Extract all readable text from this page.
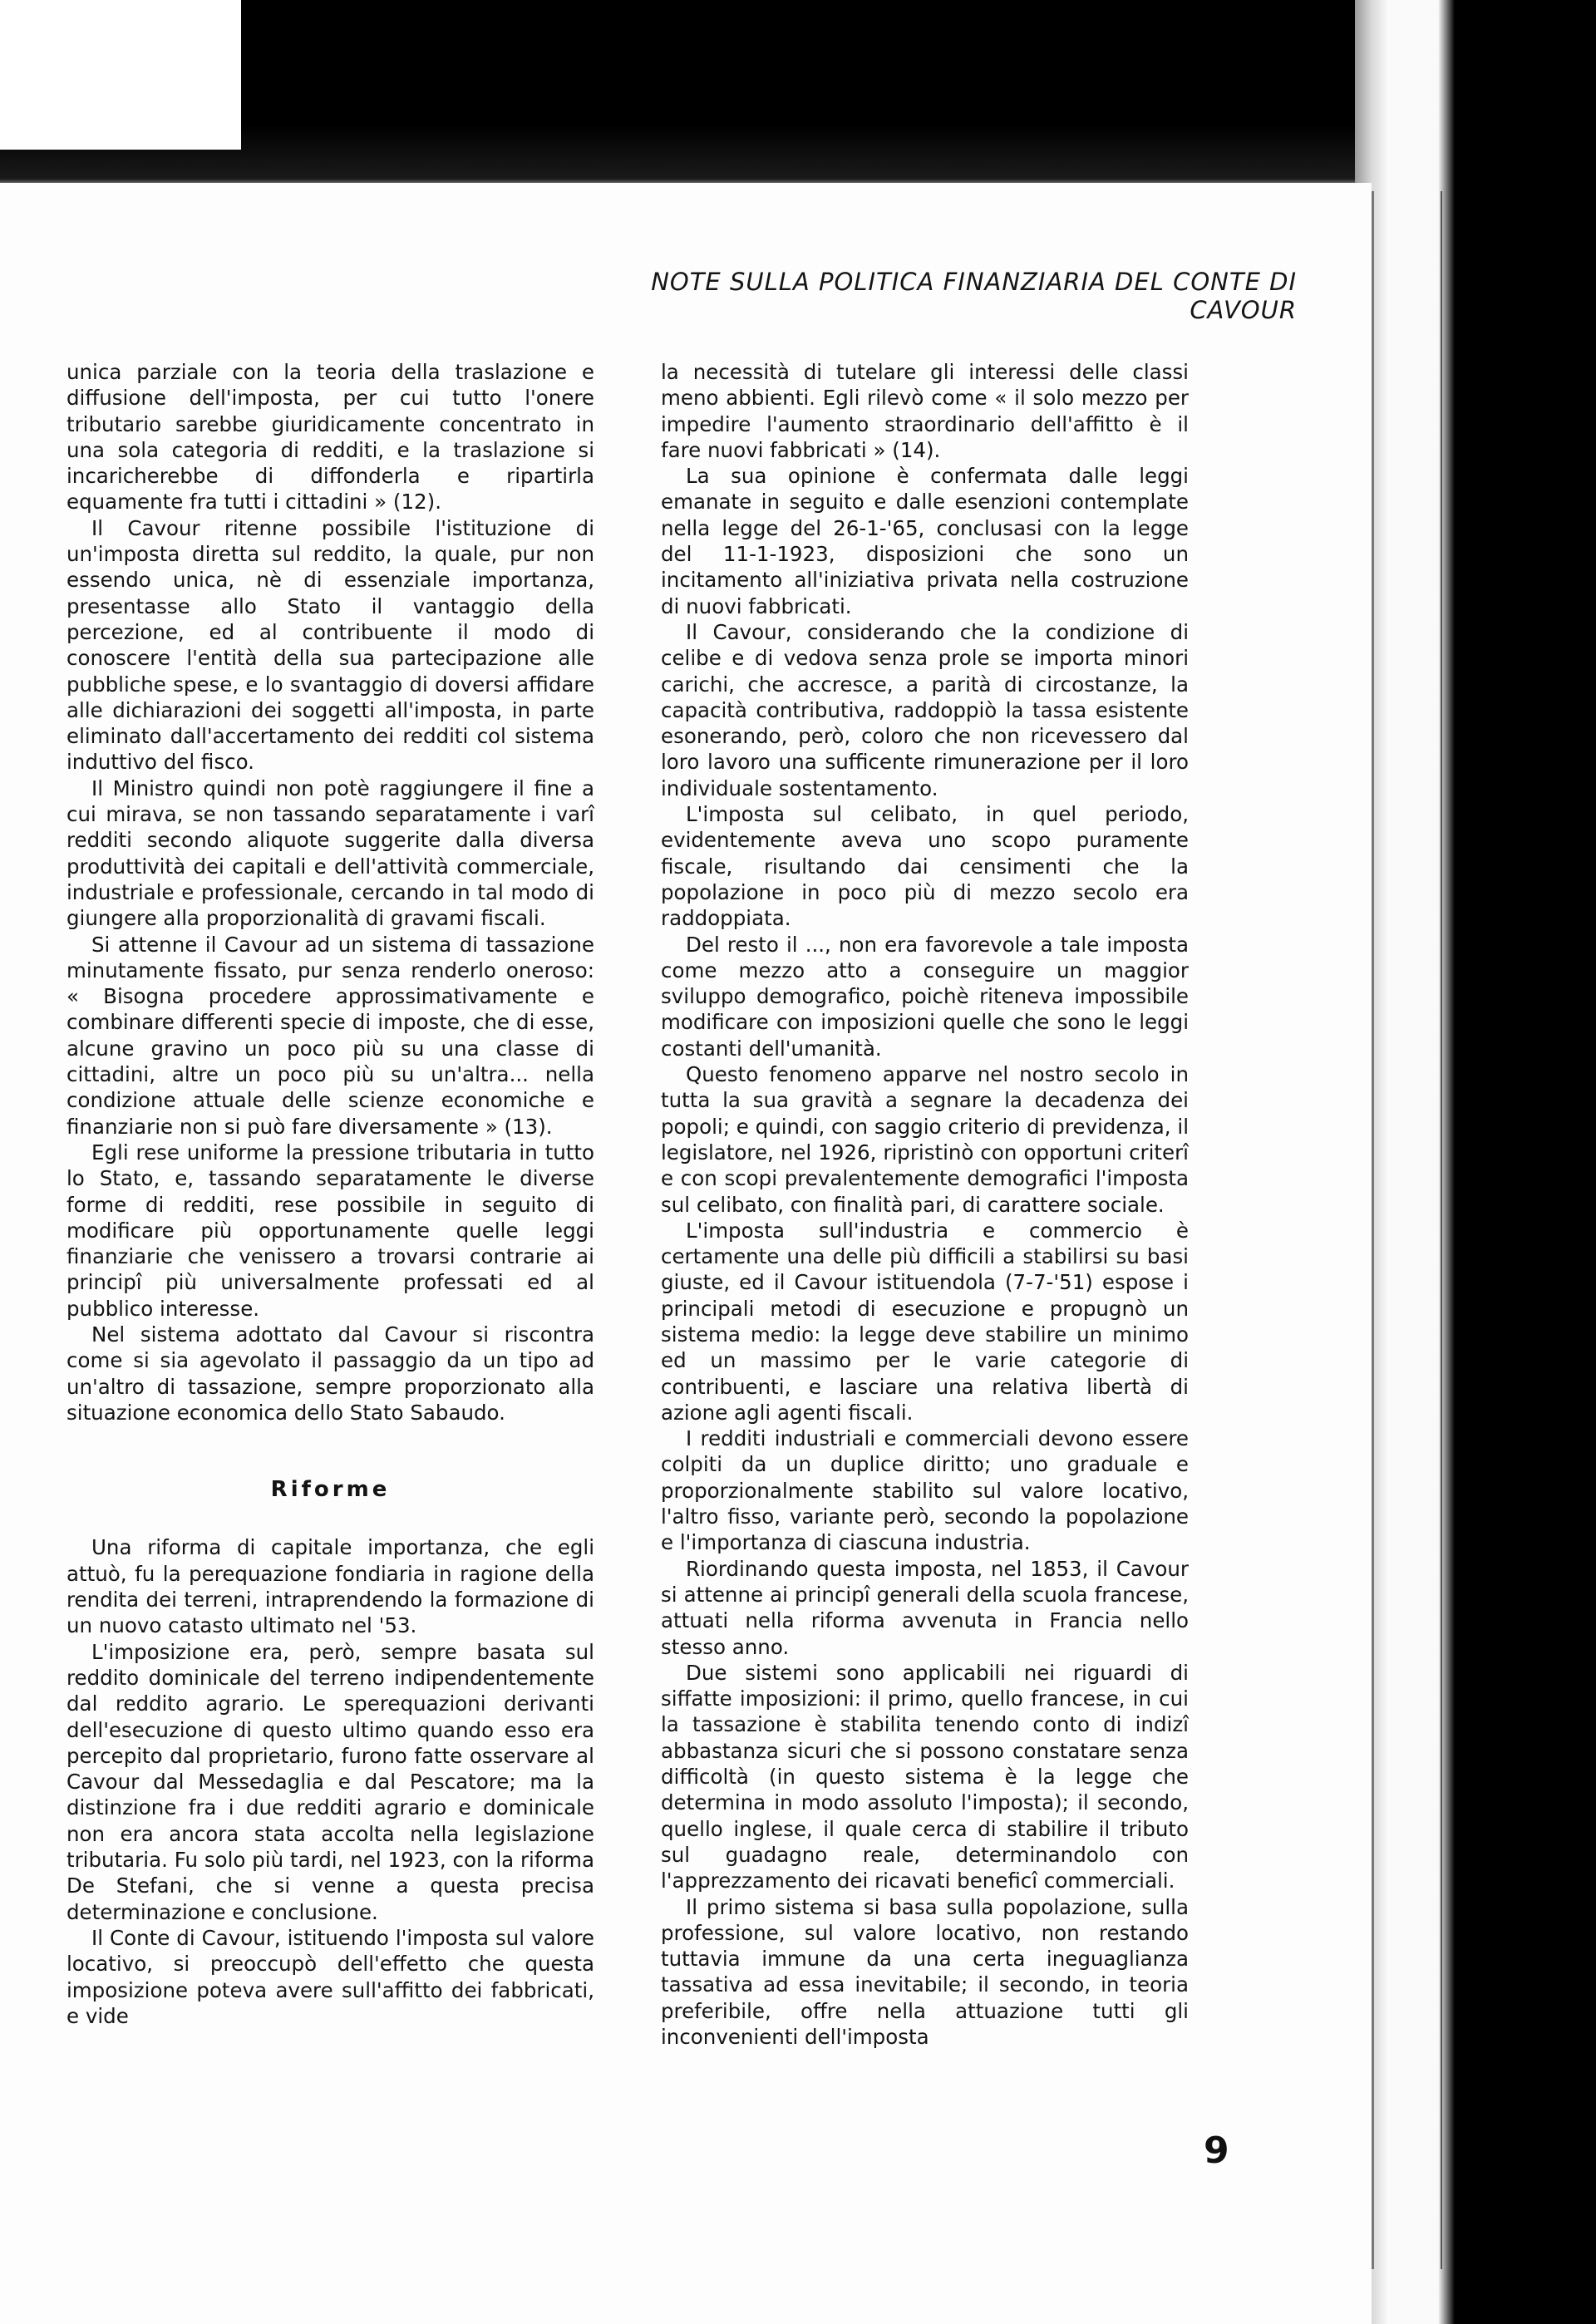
NOTE SULLA POLITICA FINANZIARIA DEL CONTE DI CAVOUR

unica parziale con la teoria della traslazione e diffusione dell'imposta, per cui tutto l'onere tributario sarebbe giuridicamente concentrato in una sola categoria di redditi, e la traslazione si incaricherebbe di diffonderla e ripartirla equamente fra tutti i cittadini » (12).

Il Cavour ritenne possibile l'istituzione di un'imposta diretta sul reddito, la quale, pur non essendo unica, nè di essenziale importanza, presentasse allo Stato il vantaggio della percezione, ed al contribuente il modo di conoscere l'entità della sua partecipazione alle pubbliche spese, e lo svantaggio di doversi affidare alle dichiarazioni dei soggetti all'imposta, in parte eliminato dall'accertamento dei redditi col sistema induttivo del fisco.

Il Ministro quindi non potè raggiungere il fine a cui mirava, se non tassando separatamente i varî redditi secondo aliquote suggerite dalla diversa produttività dei capitali e dell'attività commerciale, industriale e professionale, cercando in tal modo di giungere alla proporzionalità di gravami fiscali.

Si attenne il Cavour ad un sistema di tassazione minutamente fissato, pur senza renderlo oneroso: « Bisogna procedere approssimativamente e combinare differenti specie di imposte, che di esse, alcune gravino un poco più su una classe di cittadini, altre un poco più su un'altra... nella condizione attuale delle scienze economiche e finanziarie non si può fare diversamente » (13).

Egli rese uniforme la pressione tributaria in tutto lo Stato, e, tassando separatamente le diverse forme di redditi, rese possibile in seguito di modificare più opportunamente quelle leggi finanziarie che venissero a trovarsi contrarie ai principî più universalmente professati ed al pubblico interesse.

Nel sistema adottato dal Cavour si riscontra come si sia agevolato il passaggio da un tipo ad un'altro di tassazione, sempre proporzionato alla situazione economica dello Stato Sabaudo.

Riforme

Una riforma di capitale importanza, che egli attuò, fu la perequazione fondiaria in ragione della rendita dei terreni, intraprendendo la formazione di un nuovo catasto ultimato nel '53.

L'imposizione era, però, sempre basata sul reddito dominicale del terreno indipendentemente dal reddito agrario. Le sperequazioni derivanti dell'esecuzione di questo ultimo quando esso era percepito dal proprietario, furono fatte osservare al Cavour dal Messedaglia e dal Pescatore; ma la distinzione fra i due redditi agrario e dominicale non era ancora stata accolta nella legislazione tributaria. Fu solo più tardi, nel 1923, con la riforma De Stefani, che si venne a questa precisa determinazione e conclusione.

Il Conte di Cavour, istituendo l'imposta sul valore locativo, si preoccupò dell'effetto che questa imposizione poteva avere sull'affitto dei fabbricati, e vide

la necessità di tutelare gli interessi delle classi meno abbienti. Egli rilevò come « il solo mezzo per impedire l'aumento straordinario dell'affitto è il fare nuovi fabbricati » (14).

La sua opinione è confermata dalle leggi emanate in seguito e dalle esenzioni contemplate nella legge del 26-1-'65, conclusasi con la legge del 11-1-1923, disposizioni che sono un incitamento all'iniziativa privata nella costruzione di nuovi fabbricati.

Il Cavour, considerando che la condizione di celibe e di vedova senza prole se importa minori carichi, che accresce, a parità di circostanze, la capacità contributiva, raddoppiò la tassa esistente esonerando, però, coloro che non ricevessero dal loro lavoro una sufficente rimunerazione per il loro individuale sostentamento.

L'imposta sul celibato, in quel periodo, evidentemente aveva uno scopo puramente fiscale, risultando dai censimenti che la popolazione in poco più di mezzo secolo era raddoppiata.

Del resto il ..., non era favorevole a tale imposta come mezzo atto a conseguire un maggior sviluppo demografico, poichè riteneva impossibile modificare con imposizioni quelle che sono le leggi costanti dell'umanità.

Questo fenomeno apparve nel nostro secolo in tutta la sua gravità a segnare la decadenza dei popoli; e quindi, con saggio criterio di previdenza, il legislatore, nel 1926, ripristinò con opportuni criterî e con scopi prevalentemente demografici l'imposta sul celibato, con finalità pari, di carattere sociale.

L'imposta sull'industria e commercio è certamente una delle più difficili a stabilirsi su basi giuste, ed il Cavour istituendola (7-7-'51) espose i principali metodi di esecuzione e propugnò un sistema medio: la legge deve stabilire un minimo ed un massimo per le varie categorie di contribuenti, e lasciare una relativa libertà di azione agli agenti fiscali.

I redditi industriali e commerciali devono essere colpiti da un duplice diritto; uno graduale e proporzionalmente stabilito sul valore locativo, l'altro fisso, variante però, secondo la popolazione e l'importanza di ciascuna industria.

Riordinando questa imposta, nel 1853, il Cavour si attenne ai principî generali della scuola francese, attuati nella riforma avvenuta in Francia nello stesso anno.

Due sistemi sono applicabili nei riguardi di siffatte imposizioni: il primo, quello francese, in cui la tassazione è stabilita tenendo conto di indizî abbastanza sicuri che si possono constatare senza difficoltà (in questo sistema è la legge che determina in modo assoluto l'imposta); il secondo, quello inglese, il quale cerca di stabilire il tributo sul guadagno reale, determinandolo con l'apprezzamento dei ricavati beneficî commerciali.

Il primo sistema si basa sulla popolazione, sulla professione, sul valore locativo, non restando tuttavia immune da una certa ineguaglianza tassativa ad essa inevitabile; il secondo, in teoria preferibile, offre nella attuazione tutti gli inconvenienti dell'imposta

9
